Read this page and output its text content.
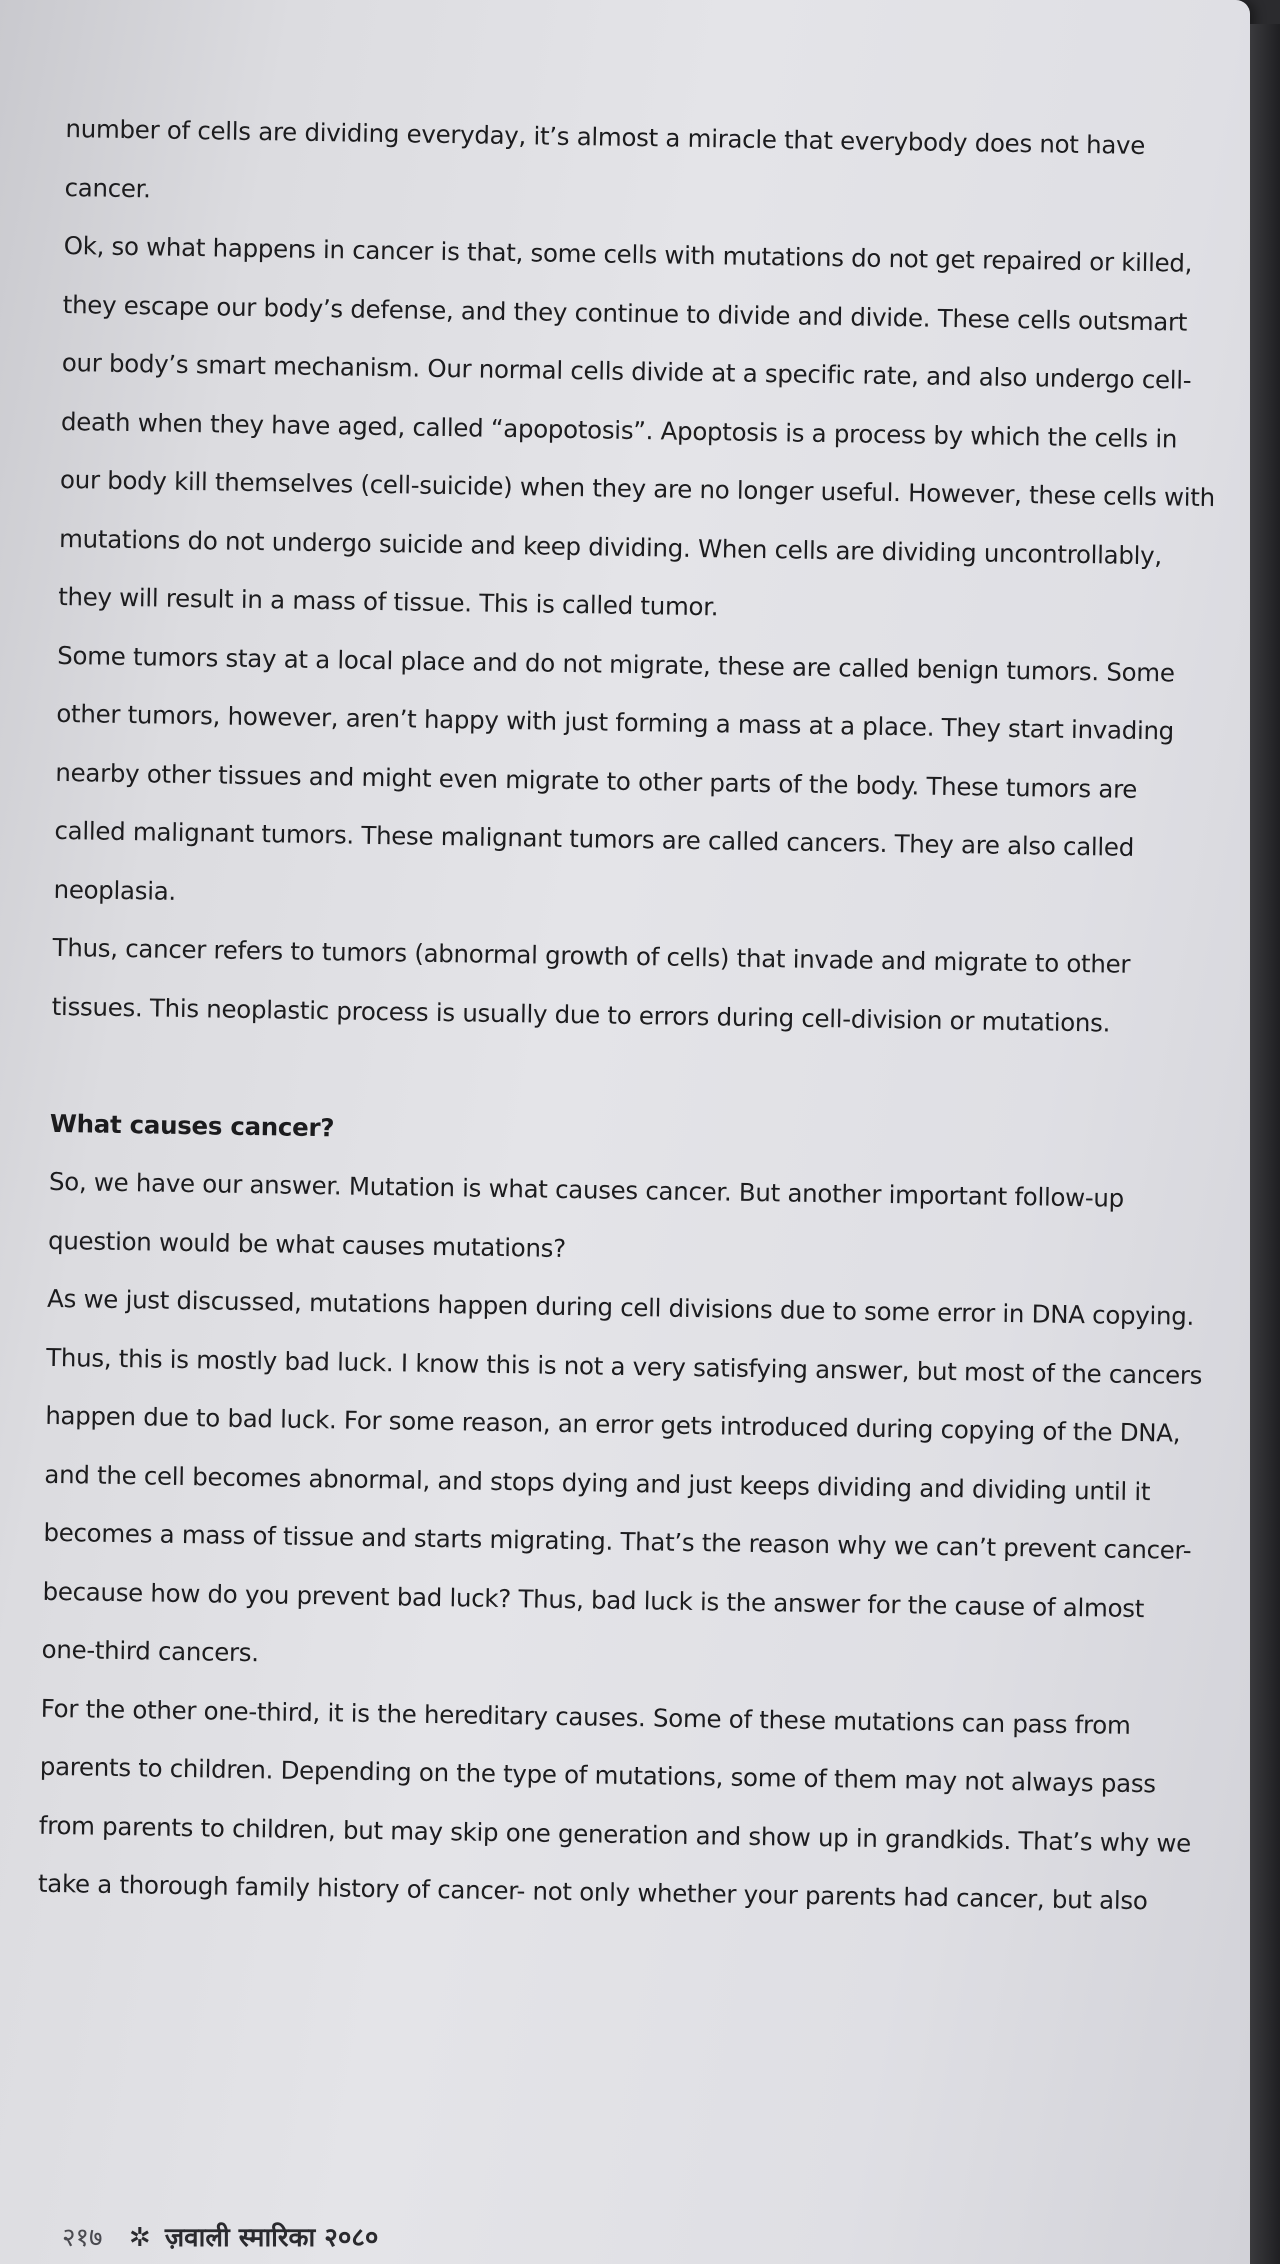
number of cells are dividing everyday, it’s almost a miracle that everybody does not have
cancer.
Ok, so what happens in cancer is that, some cells with mutations do not get repaired or killed,
they escape our body’s defense, and they continue to divide and divide. These cells outsmart
our body’s smart mechanism. Our normal cells divide at a specific rate, and also undergo cell-
death when they have aged, called “apopotosis”. Apoptosis is a process by which the cells in
our body kill themselves (cell-suicide) when they are no longer useful. However, these cells with
mutations do not undergo suicide and keep dividing. When cells are dividing uncontrollably,
they will result in a mass of tissue. This is called tumor.
Some tumors stay at a local place and do not migrate, these are called benign tumors. Some
other tumors, however, aren’t happy with just forming a mass at a place. They start invading
nearby other tissues and might even migrate to other parts of the body. These tumors are
called malignant tumors. These malignant tumors are called cancers. They are also called
neoplasia.
Thus, cancer refers to tumors (abnormal growth of cells) that invade and migrate to other
tissues. This neoplastic process is usually due to errors during cell-division or mutations.
What causes cancer?
So, we have our answer. Mutation is what causes cancer. But another important follow-up
question would be what causes mutations?
As we just discussed, mutations happen during cell divisions due to some error in DNA copying.
Thus, this is mostly bad luck. I know this is not a very satisfying answer, but most of the cancers
happen due to bad luck. For some reason, an error gets introduced during copying of the DNA,
and the cell becomes abnormal, and stops dying and just keeps dividing and dividing until it
becomes a mass of tissue and starts migrating. That’s the reason why we can’t prevent cancer-
because how do you prevent bad luck? Thus, bad luck is the answer for the cause of almost
one-third cancers.
For the other one-third, it is the hereditary causes. Some of these mutations can pass from
parents to children. Depending on the type of mutations, some of them may not always pass
from parents to children, but may skip one generation and show up in grandkids. That’s why we
take a thorough family history of cancer- not only whether your parents had cancer, but also
२१७ ✲ ज़वाली स्मारिका २०८०
